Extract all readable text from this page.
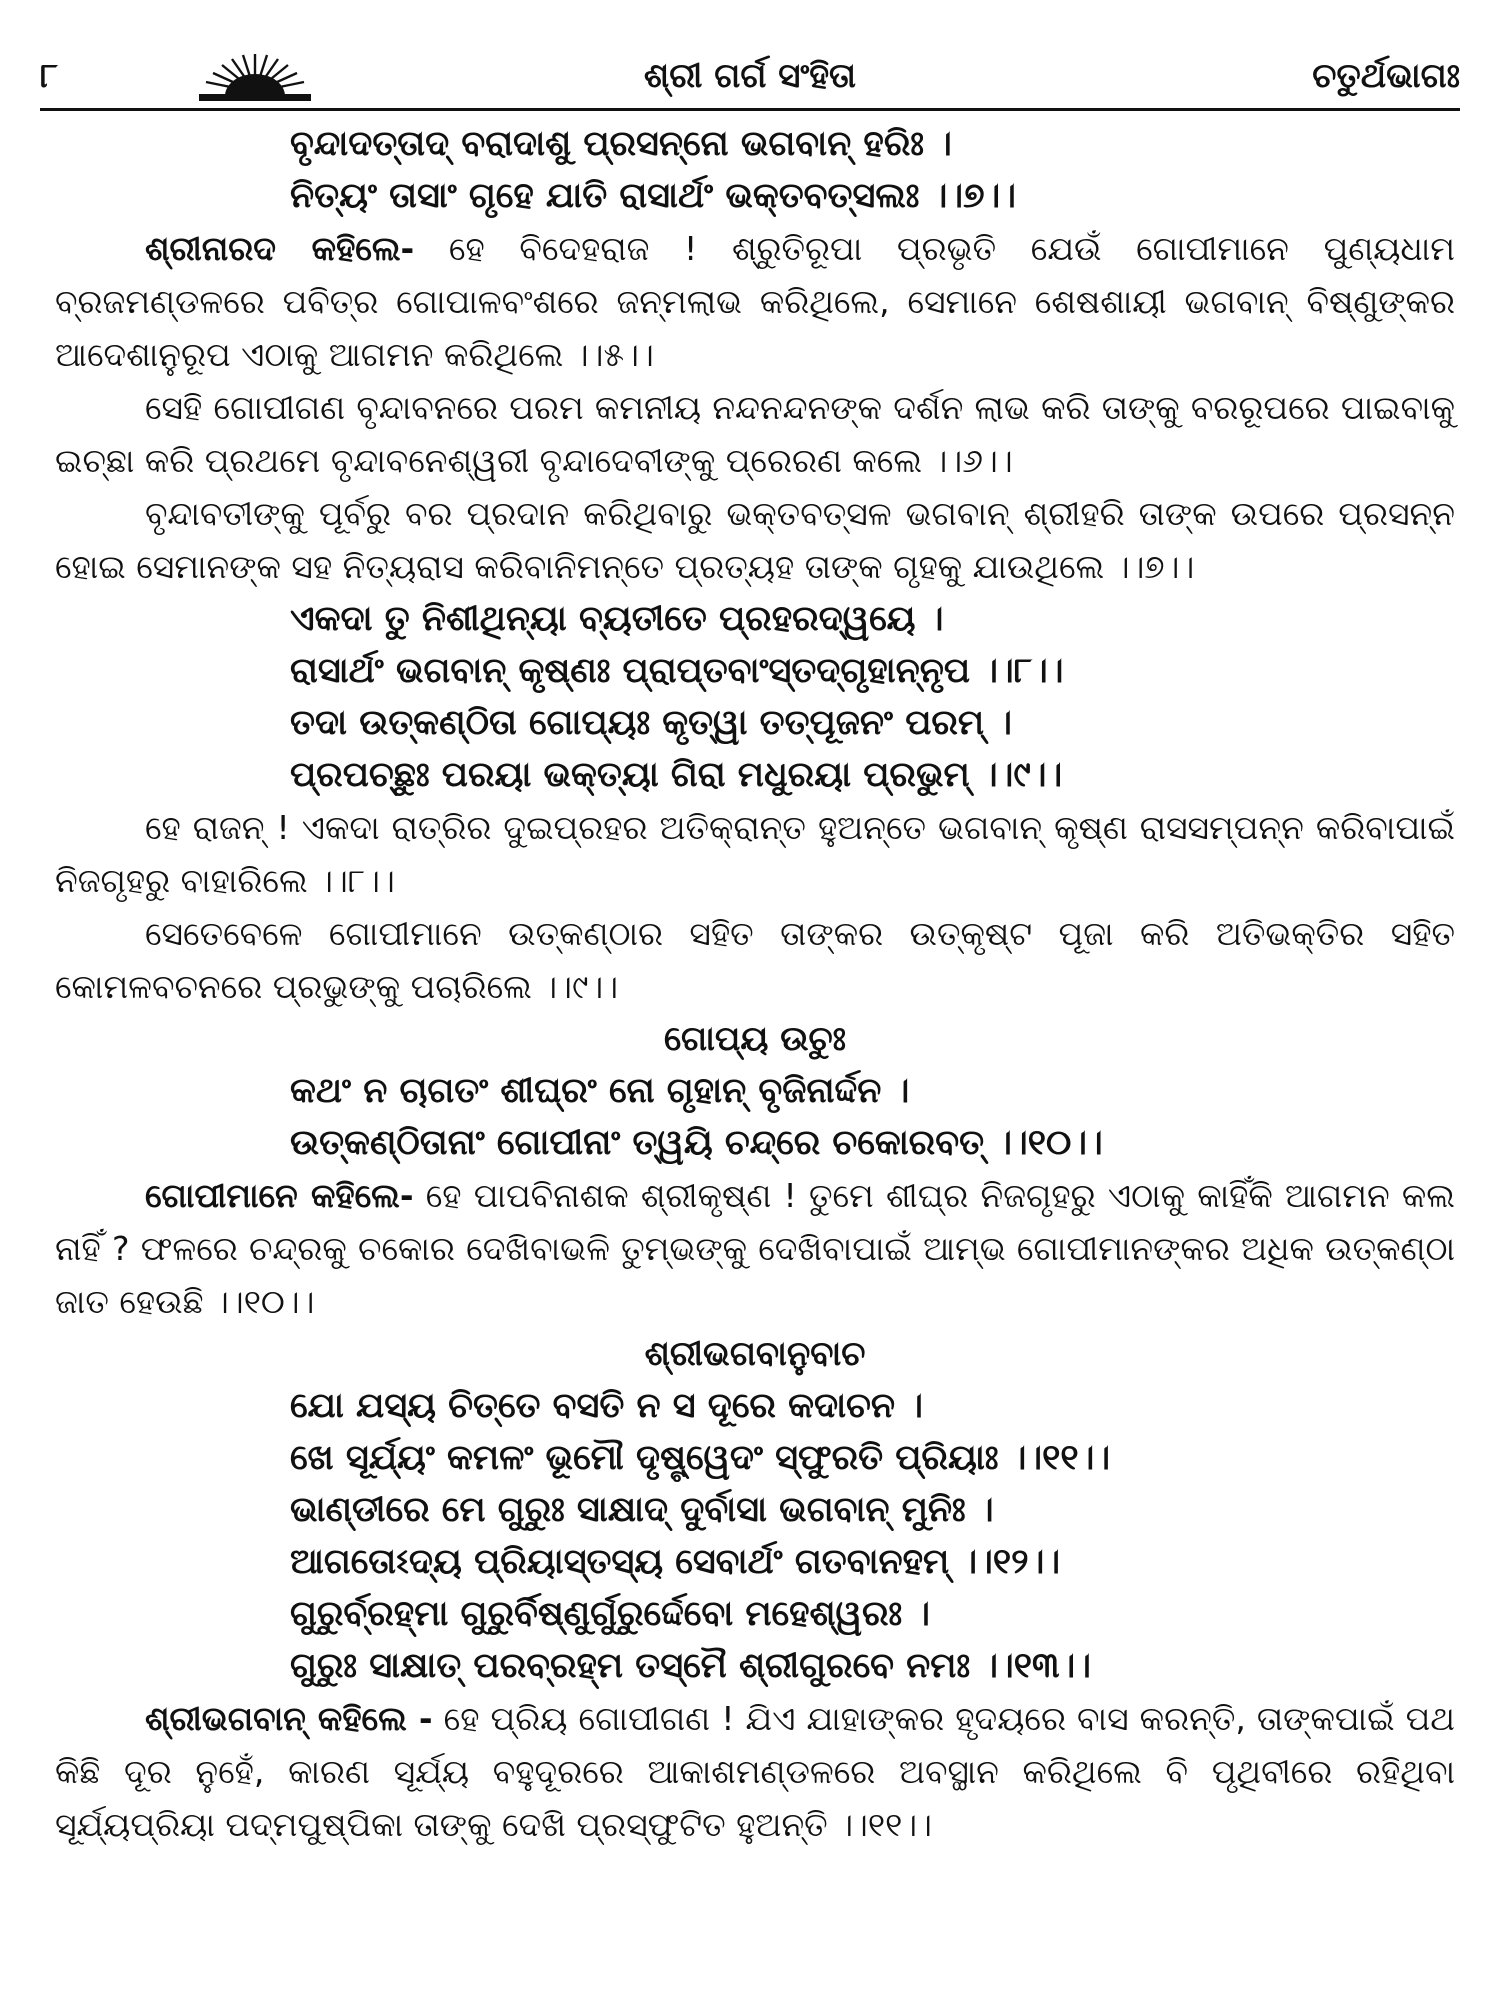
୮	ଶ୍ରୀ ଗର୍ଗ ସଂହିତା	ଚତୁର୍ଥଭାଗଃ

ବୃନ୍ଦାଦତ୍ତାଦ୍ ବରାଦାଶୁ ପ୍ରସନ୍ନୋ ଭଗବାନ୍ ହରିଃ ।

ନିତ୍ୟଂ ତାସାଂ ଗୃହେ ଯାତି ରାସାର୍ଥଂ ଭକ୍ତବତ୍ସଲଃ ।।୭।।

ଶ୍ରୀନାରଦ କହିଲେ- ହେ ବିଦେହରାଜ ! ଶ୍ରୁତିରୂପା ପ୍ରଭୃତି ଯେଉଁ ଗୋପୀମାନେ ପୁଣ୍ୟଧାମ ବ୍ରଜମଣ୍ଡଳରେ ପବିତ୍ର ଗୋପାଳବଂଶରେ ଜନ୍ମଲାଭ କରିଥିଲେ, ସେମାନେ ଶେଷଶାୟୀ ଭଗବାନ୍ ବିଷ୍ଣୁଙ୍କର ଆଦେଶାନୁରୂପ ଏଠାକୁ ଆଗମନ କରିଥିଲେ ।।୫।।

ସେହି ଗୋପୀଗଣ ବୃନ୍ଦାବନରେ ପରମ କମନୀୟ ନନ୍ଦନନ୍ଦନଙ୍କ ଦର୍ଶନ ଲାଭ କରି ତାଙ୍କୁ ବରରୂପରେ ପାଇବାକୁ ଇଚ୍ଛା କରି ପ୍ରଥମେ ବୃନ୍ଦାବନେଶ୍ୱରୀ ବୃନ୍ଦାଦେବୀଙ୍କୁ ପ୍ରେରଣ କଲେ ।।୬।।

ବୃନ୍ଦାବତୀଙ୍କୁ ପୂର୍ବରୁ ବର ପ୍ରଦାନ କରିଥିବାରୁ ଭକ୍ତବତ୍ସଳ ଭଗବାନ୍ ଶ୍ରୀହରି ତାଙ୍କ ଉପରେ ପ୍ରସନ୍ନ ହୋଇ ସେମାନଙ୍କ ସହ ନିତ୍ୟରାସ କରିବାନିମନ୍ତେ ପ୍ରତ୍ୟହ ତାଙ୍କ ଗୃହକୁ ଯାଉଥିଲେ ।।୭।।

ଏକଦା ତୁ ନିଶୀଥିନ୍ୟା ବ୍ୟତୀତେ ପ୍ରହରଦ୍ୱୟେ ।

ରାସାର୍ଥଂ ଭଗବାନ୍ କୃଷ୍ଣଃ ପ୍ରାପ୍ତବାଂସ୍ତଦ୍‌ଗୃହାନ୍ନୃପ ।।୮।।

ତଦା ଉତ୍କଣ୍ଠିତା ଗୋପ୍ୟଃ କୃତ୍ୱା ତତ୍ପୂଜନଂ ପରମ୍ ।

ପ୍ରପଚ୍ଛୁଃ ପରୟା ଭକ୍ତ୍ୟା ଗିରା ମଧୁରୟା ପ୍ରଭୁମ୍ ।।୯।।

ହେ ରାଜନ୍ ! ଏକଦା ରାତ୍ରିର ଦୁଇପ୍ରହର ଅତିକ୍ରାନ୍ତ ହୁଅନ୍ତେ ଭଗବାନ୍ କୃଷ୍ଣ ରାସସମ୍ପନ୍ନ କରିବାପାଇଁ ନିଜଗୃହରୁ ବାହାରିଲେ ।।୮।।

ସେତେବେଳେ ଗୋପୀମାନେ ଉତ୍କଣ୍ଠାର ସହିତ ତାଙ୍କର ଉତ୍କୃଷ୍ଟ ପୂଜା କରି ଅତିଭକ୍ତିର ସହିତ କୋମଳବଚନରେ ପ୍ରଭୁଙ୍କୁ ପଚାରିଲେ ।।୯।।

ଗୋପ୍ୟ ଉଚୁଃ

କଥଂ ନ ଚାଗତଂ ଶୀଘ୍ରଂ ନୋ ଗୃହାନ୍ ବୃଜିନାର୍ଦ୍ଦନ ।

ଉତ୍କଣ୍ଠିତାନାଂ ଗୋପୀନାଂ ତ୍ୱୟି ଚନ୍ଦ୍ରେ ଚକୋରବତ୍ ।।୧୦।।

ଗୋପୀମାନେ କହିଲେ- ହେ ପାପବିନାଶକ ଶ୍ରୀକୃଷ୍ଣ ! ତୁମେ ଶୀଘ୍ର ନିଜଗୃହରୁ ଏଠାକୁ କାହିଁକି ଆଗମନ କଲ ନାହିଁ ? ଫଳରେ ଚନ୍ଦ୍ରକୁ ଚକୋର ଦେଖିବାଭଳି ତୁମ୍ଭଙ୍କୁ ଦେଖିବାପାଇଁ ଆମ୍ଭ ଗୋପୀମାନଙ୍କର ଅଧିକ ଉତ୍କଣ୍ଠା ଜାତ ହେଉଛି ।।୧୦।।

ଶ୍ରୀଭଗବାନୁବାଚ

ଯୋ ଯସ୍ୟ ଚିତ୍ତେ ବସତି ନ ସ ଦୂରେ କଦାଚନ ।

ଖେ ସୂର୍ଯ୍ୟଂ କମଳଂ ଭୂମୌ ଦୃଷ୍ଟ୍ୱେଦଂ ସ୍ଫୁରତି ପ୍ରିୟାଃ ।।୧୧।।

ଭାଣ୍ଡୀରେ ମେ ଗୁରୁଃ ସାକ୍ଷାଦ୍ ଦୁର୍ବାସା ଭଗବାନ୍ ମୁନିଃ ।

ଆଗତୋଽଦ୍ୟ ପ୍ରିୟାସ୍ତସ୍ୟ ସେବାର୍ଥଂ ଗତବାନହମ୍ ।।୧୨।।

ଗୁରୁର୍ବ୍ରହ୍ମା ଗୁରୁର୍ବିଷ୍ଣୁର୍ଗୁରୁର୍ଦ୍ଦେବୋ ମହେଶ୍ୱରଃ ।

ଗୁରୁଃ ସାକ୍ଷାତ୍ ପରବ୍ରହ୍ମ ତସ୍ମୈ ଶ୍ରୀଗୁରବେ ନମଃ ।।୧୩।।

ଶ୍ରୀଭଗବାନ୍ କହିଲେ - ହେ ପ୍ରିୟ ଗୋପୀଗଣ ! ଯିଏ ଯାହାଙ୍କର ହୃଦୟରେ ବାସ କରନ୍ତି, ତାଙ୍କପାଇଁ ପଥ କିଛି ଦୂର ନୁହେଁ, କାରଣ ସୂର୍ଯ୍ୟ ବହୁଦୂରରେ ଆକାଶମଣ୍ଡଳରେ ଅବସ୍ଥାନ କରିଥିଲେ ବି ପୃଥିବୀରେ ରହିଥିବା ସୂର୍ଯ୍ୟପ୍ରିୟା ପଦ୍ମପୁଷ୍ପିକା ତାଙ୍କୁ ଦେଖି ପ୍ରସ୍ଫୁଟିତ ହୁଅନ୍ତି ।।୧୧।।
